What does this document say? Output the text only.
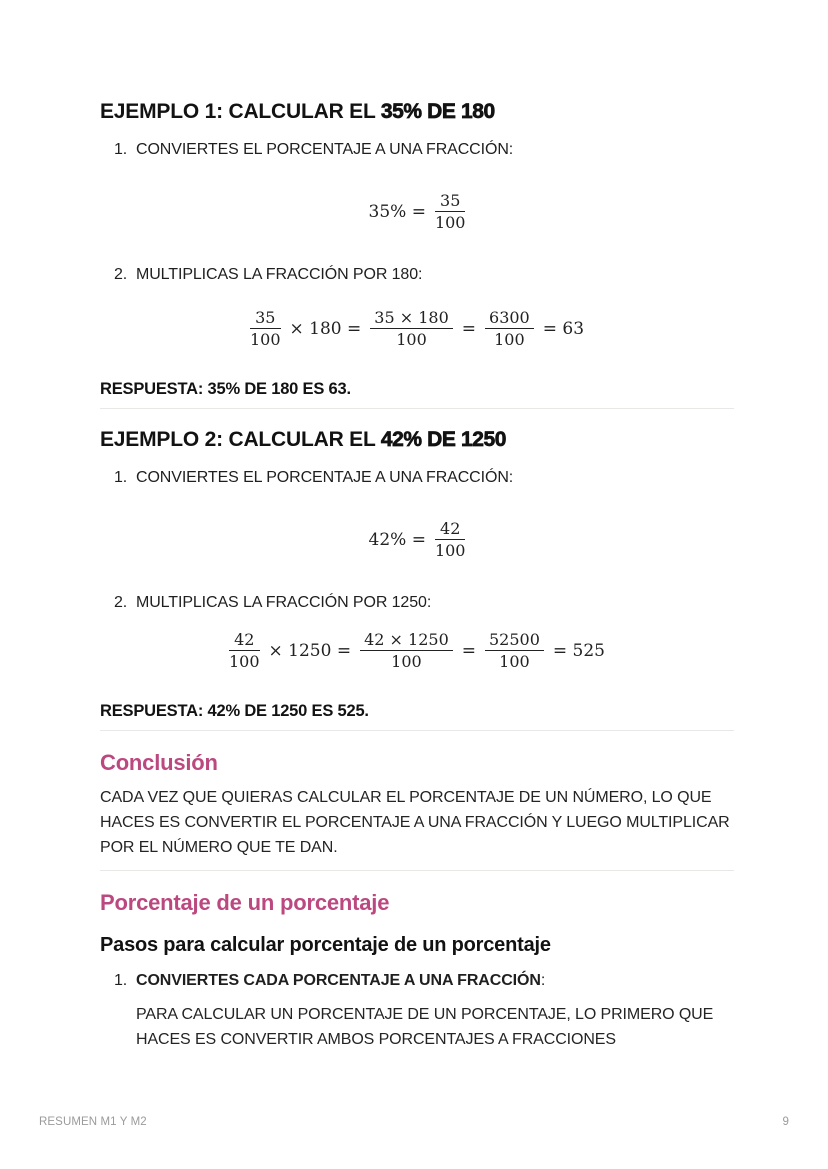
EJEMPLO 1: CALCULAR EL 35% DE 180
1. CONVIERTES EL PORCENTAJE A UNA FRACCIÓN:
$35\% = \frac{35}{100}$
2. MULTIPLICAS LA FRACCIÓN POR 180:
$\frac{35}{100} \times 180 = \frac{35 \times 180}{100} = \frac{6300}{100} = 63$

RESPUESTA: 35% DE 180 ES 63.

EJEMPLO 2: CALCULAR EL 42% DE 1250
1. CONVIERTES EL PORCENTAJE A UNA FRACCIÓN:
$42\% = \frac{42}{100}$
2. MULTIPLICAS LA FRACCIÓN POR 1250:
$\frac{42}{100} \times 1250 = \frac{42 \times 1250}{100} = \frac{52500}{100} = 525$

RESPUESTA: 42% DE 1250 ES 525.

Conclusión

CADA VEZ QUE QUIERAS CALCULAR EL PORCENTAJE DE UN NÚMERO, LO QUE HACES ES CONVERTIR EL PORCENTAJE A UNA FRACCIÓN Y LUEGO MULTIPLICAR POR EL NÚMERO QUE TE DAN.

Porcentaje de un porcentaje
Pasos para calcular porcentaje de un porcentaje
1. CONVIERTES CADA PORCENTAJE A UNA FRACCIÓN:

PARA CALCULAR UN PORCENTAJE DE UN PORCENTAJE, LO PRIMERO QUE HACES ES CONVERTIR AMBOS PORCENTAJES A FRACCIONES

RESUMEN M1 Y M2	9
